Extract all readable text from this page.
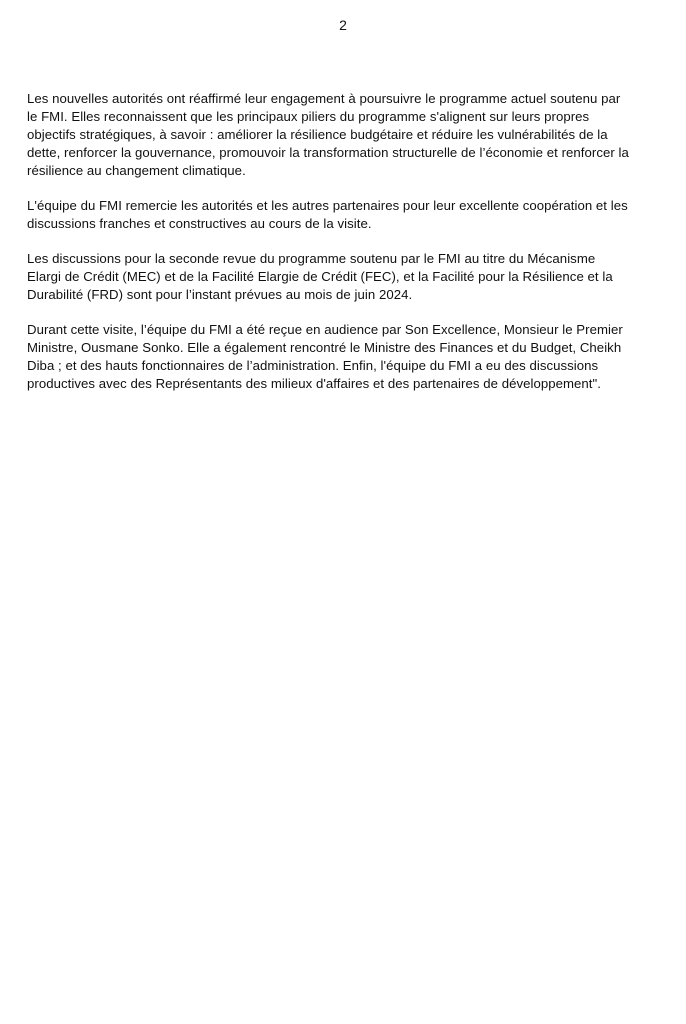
2

Les nouvelles autorités ont réaffirmé leur engagement à poursuivre le programme actuel soutenu par
le FMI. Elles reconnaissent que les principaux piliers du programme s'alignent sur leurs propres
objectifs stratégiques, à savoir : améliorer la résilience budgétaire et réduire les vulnérabilités de la
dette, renforcer la gouvernance, promouvoir la transformation structurelle de l’économie et renforcer la
résilience au changement climatique.

L'équipe du FMI remercie les autorités et les autres partenaires pour leur excellente coopération et les
discussions franches et constructives au cours de la visite.

Les discussions pour la seconde revue du programme soutenu par le FMI au titre du Mécanisme
Elargi de Crédit (MEC) et de la Facilité Elargie de Crédit (FEC), et la Facilité pour la Résilience et la
Durabilité (FRD) sont pour l’instant prévues au mois de juin 2024.

Durant cette visite, l’équipe du FMI a été reçue en audience par Son Excellence, Monsieur le Premier
Ministre, Ousmane Sonko. Elle a également rencontré le Ministre des Finances et du Budget, Cheikh
Diba ; et des hauts fonctionnaires de l’administration. Enfin, l'équipe du FMI a eu des discussions
productives avec des Représentants des milieux d'affaires et des partenaires de développement".
